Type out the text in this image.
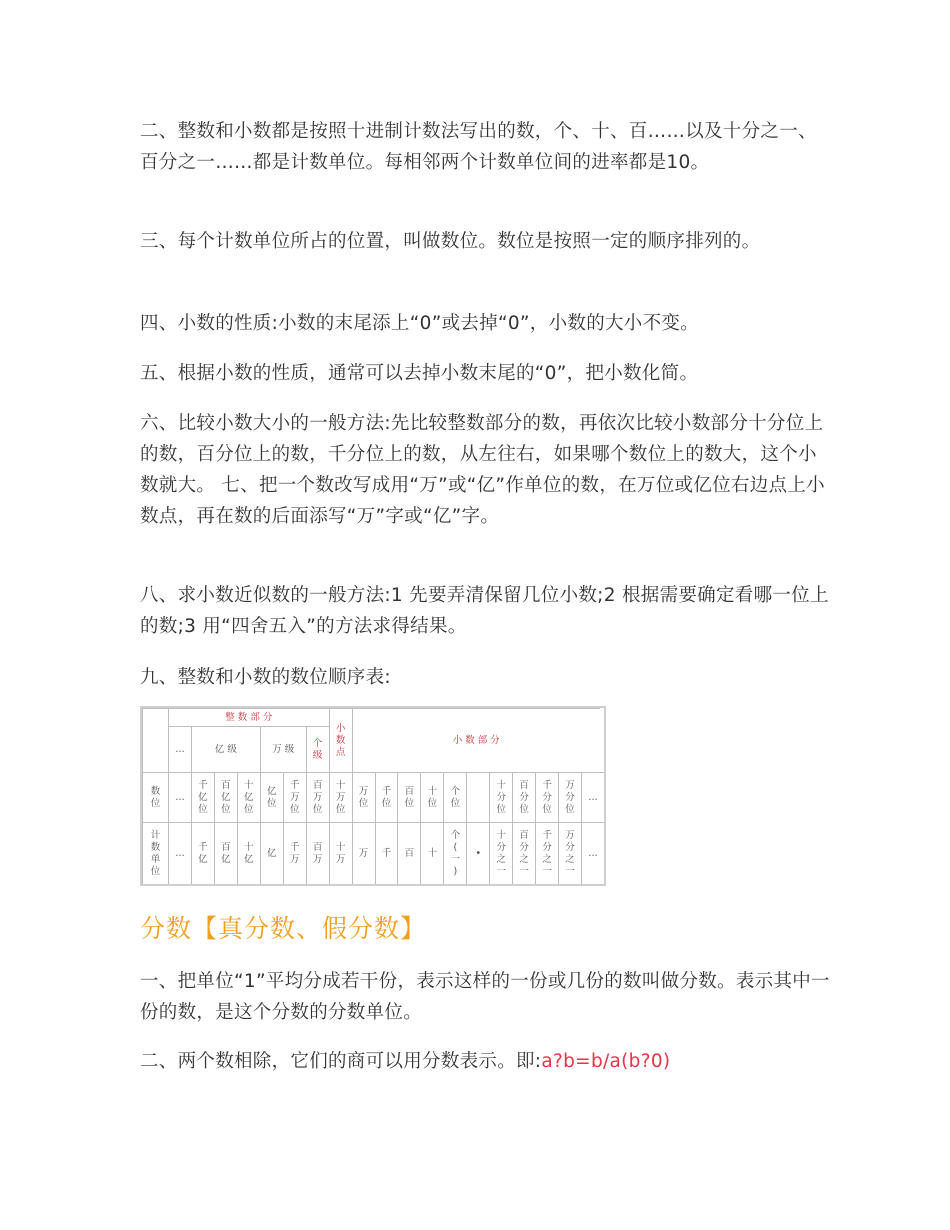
二、整数和小数都是按照十进制计数法写出的数，个、十、百……以及十分之一、百分之一……都是计数单位。每相邻两个计数单位间的进率都是10。

三、每个计数单位所占的位置，叫做数位。数位是按照一定的顺序排列的。

四、小数的性质:小数的末尾添上“0”或去掉“0”，小数的大小不变。

五、根据小数的性质，通常可以去掉小数末尾的“0”，把小数化简。

六、比较小数大小的一般方法:先比较整数部分的数，再依次比较小数部分十分位上的数，百分位上的数，千分位上的数，从左往右，如果哪个数位上的数大，这个小数就大。 七、把一个数改写成用“万”或“亿”作单位的数，在万位或亿位右边点上小数点，再在数的后面添写“万”字或“亿”字。

八、求小数近似数的一般方法:1 先要弄清保留几位小数;2 根据需要确定看哪一位上的数;3 用“四舍五入”的方法求得结果。

九、整数和小数的数位顺序表:

整 数 部 分
小
数
点
小 数 部 分
…	亿 级	万 级
个 级
数
位
计
数
单
位
…
…
千
亿
位
千
亿
百
亿
位
百
亿
十
亿
位
十
亿
亿
位
亿
千
万
位
千
万
百
万
位
百
万
十
万
位
十
万
万
位
万
千
位
千
百
位
百
十
位
十
个
位
个
(
一
)
•
十
分
位
十
分
之
一
百
分
位
百
分
之
一
千
分
位
千
分
之
一
万
分
位
万
分
之
一
…
…
分数【真分数、假分数】

一、把单位“1”平均分成若干份，表示这样的一份或几份的数叫做分数。表示其中一份的数，是这个分数的分数单位。

二、两个数相除，它们的商可以用分数表示。即:a?b=b/a(b?0)
